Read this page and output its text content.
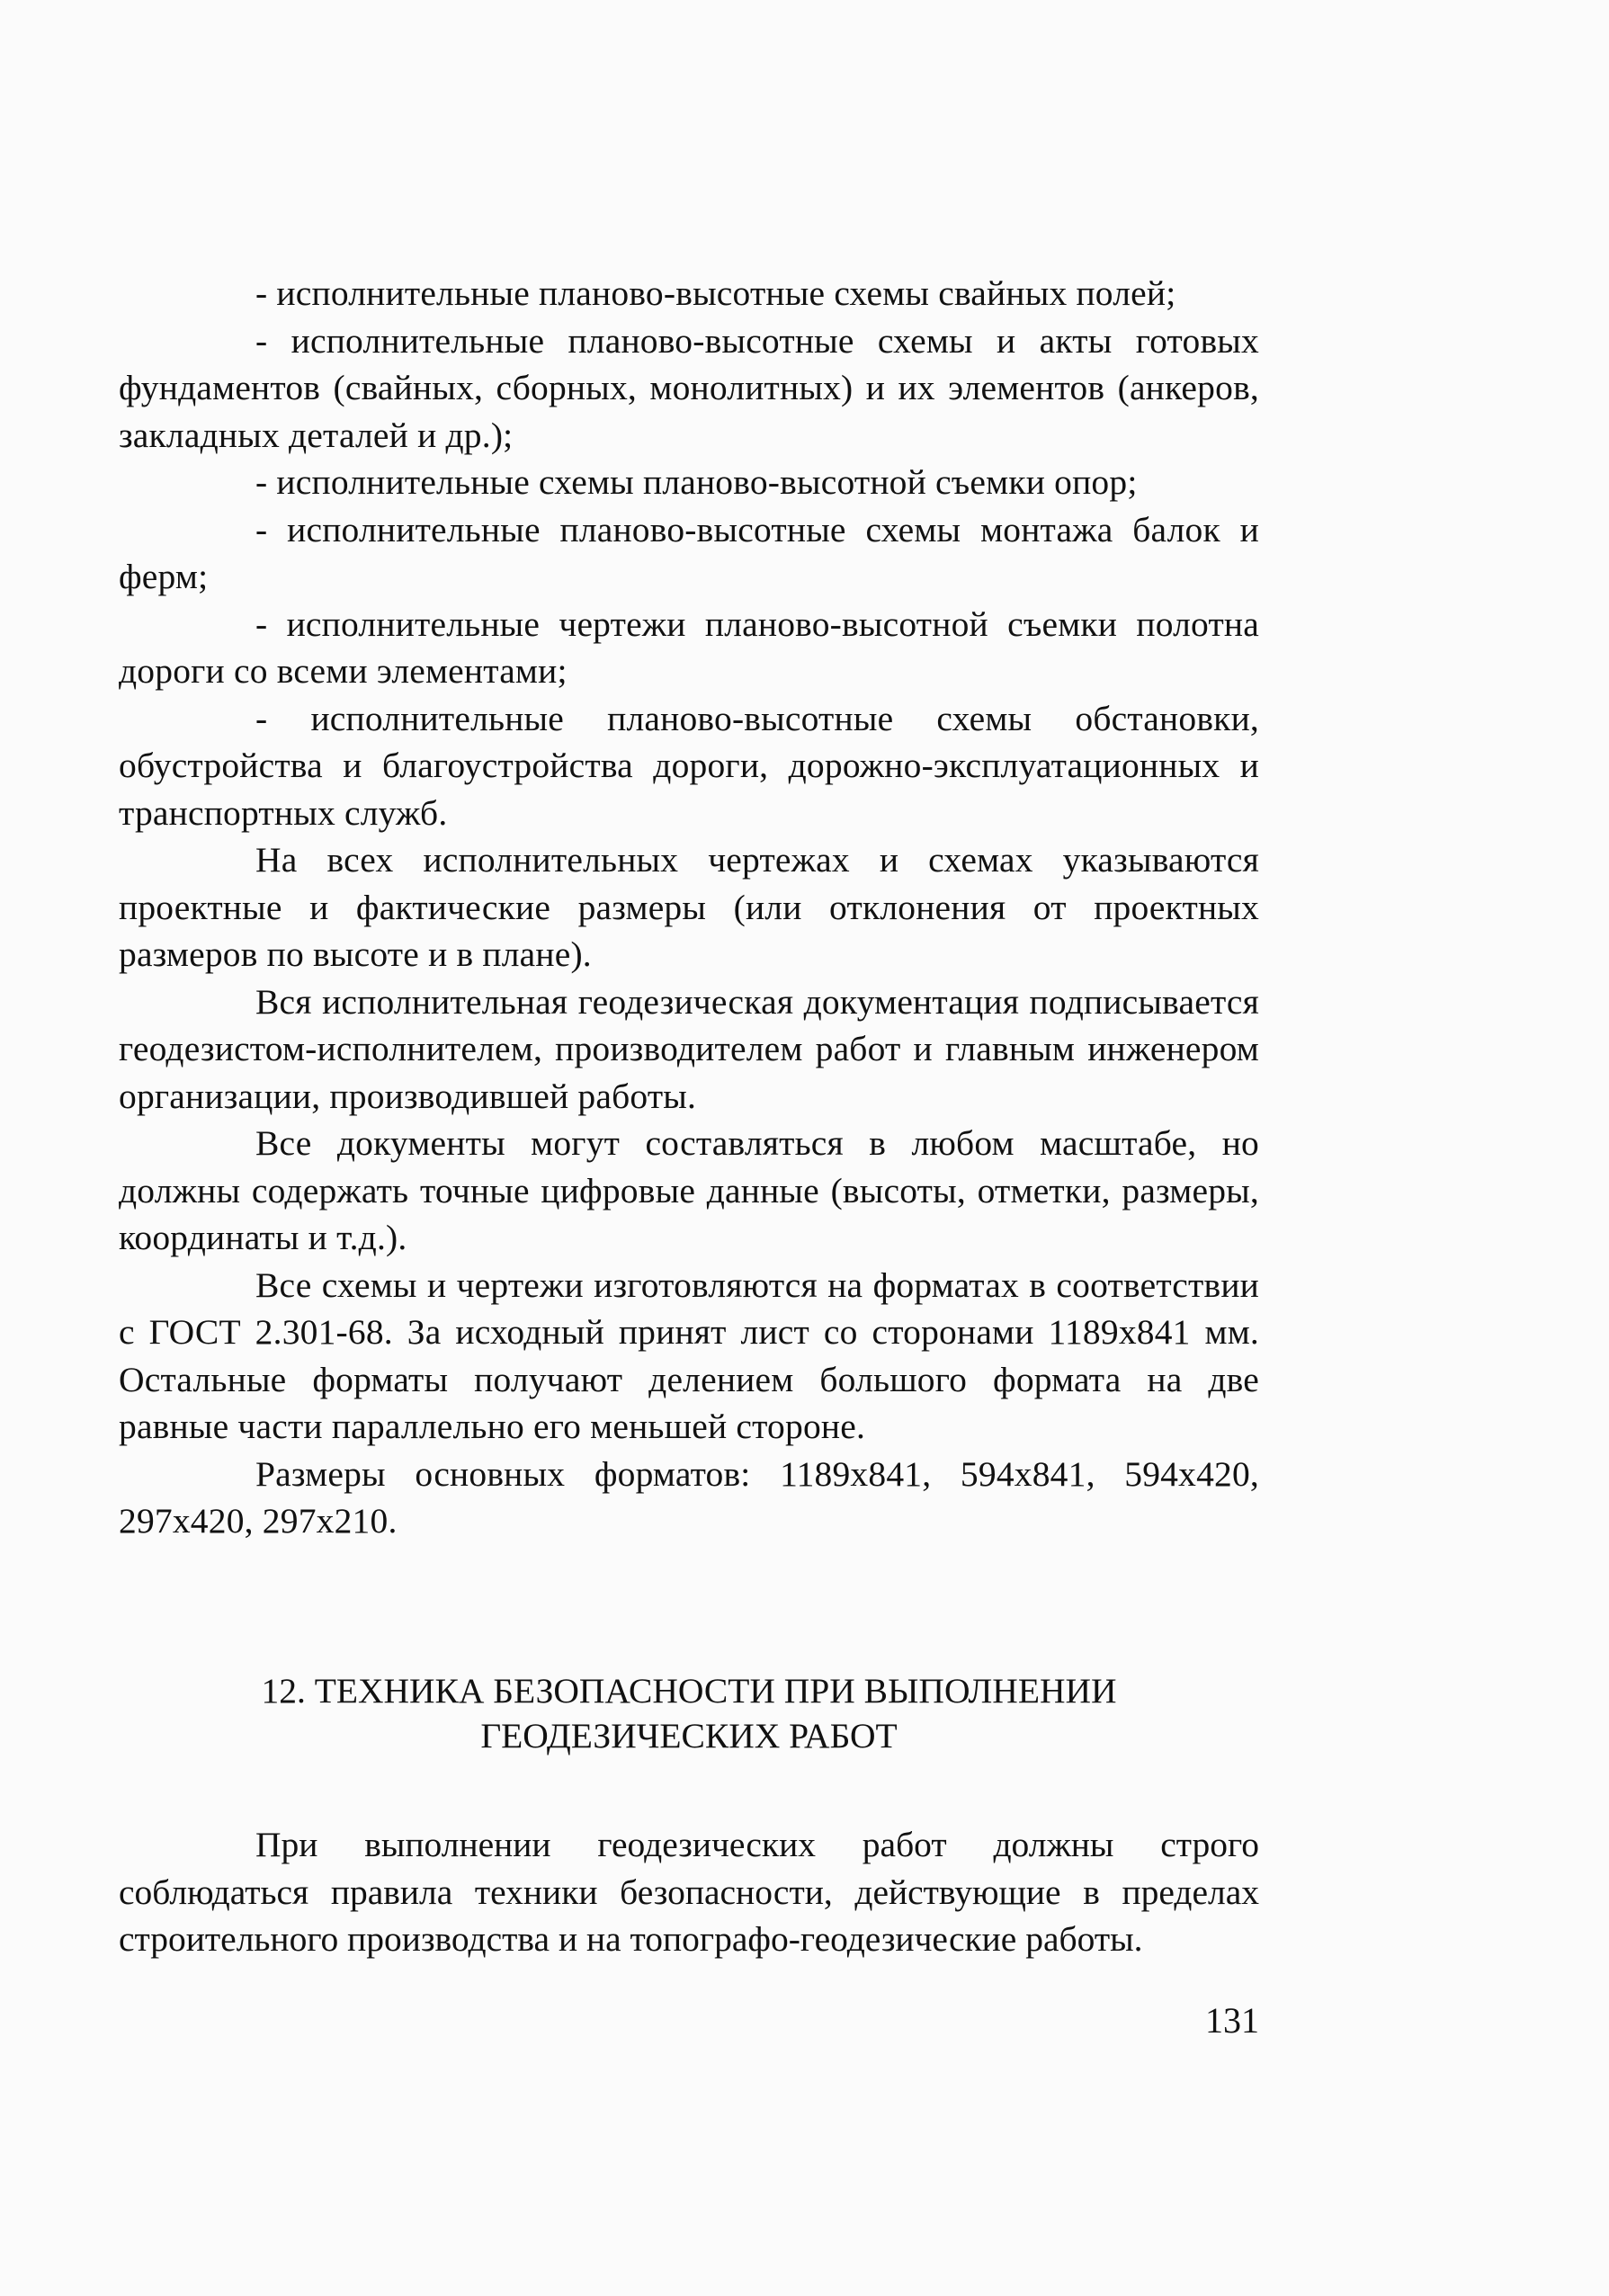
- исполнительные планово-высотные схемы свайных полей;

- исполнительные планово-высотные схемы и акты готовых фундаментов (свайных, сборных, монолитных) и их элементов (анкеров, закладных деталей и др.);

- исполнительные схемы планово-высотной съемки опор;

- исполнительные планово-высотные схемы монтажа балок и ферм;

- исполнительные чертежи планово-высотной съемки полотна дороги со всеми элементами;

- исполнительные планово-высотные схемы обстановки, обустройства и благоустройства дороги, дорожно-эксплуатационных и транспортных служб.

На всех исполнительных чертежах и схемах указываются проектные и фактические размеры (или отклонения от проектных размеров по высоте и в плане).

Вся исполнительная геодезическая документация подписывается геодезистом-исполнителем, производителем работ и главным инженером организации, производившей работы.

Все документы могут составляться в любом масштабе, но должны содержать точные цифровые данные (высоты, отметки, размеры, координаты и т.д.).

Все схемы и чертежи изготовляются на форматах в соответствии с ГОСТ 2.301-68. За исходный принят лист со сторонами 1189х841 мм. Остальные форматы получают делением большого формата на две равные части параллельно его меньшей стороне.

Размеры основных форматов: 1189х841, 594х841, 594х420, 297х420, 297х210.

12. ТЕХНИКА БЕЗОПАСНОСТИ ПРИ ВЫПОЛНЕНИИ
ГЕОДЕЗИЧЕСКИХ РАБОТ

При выполнении геодезических работ должны строго соблюдаться правила техники безопасности, действующие в пределах строительного производства и на топографо-геодезические работы.

131
